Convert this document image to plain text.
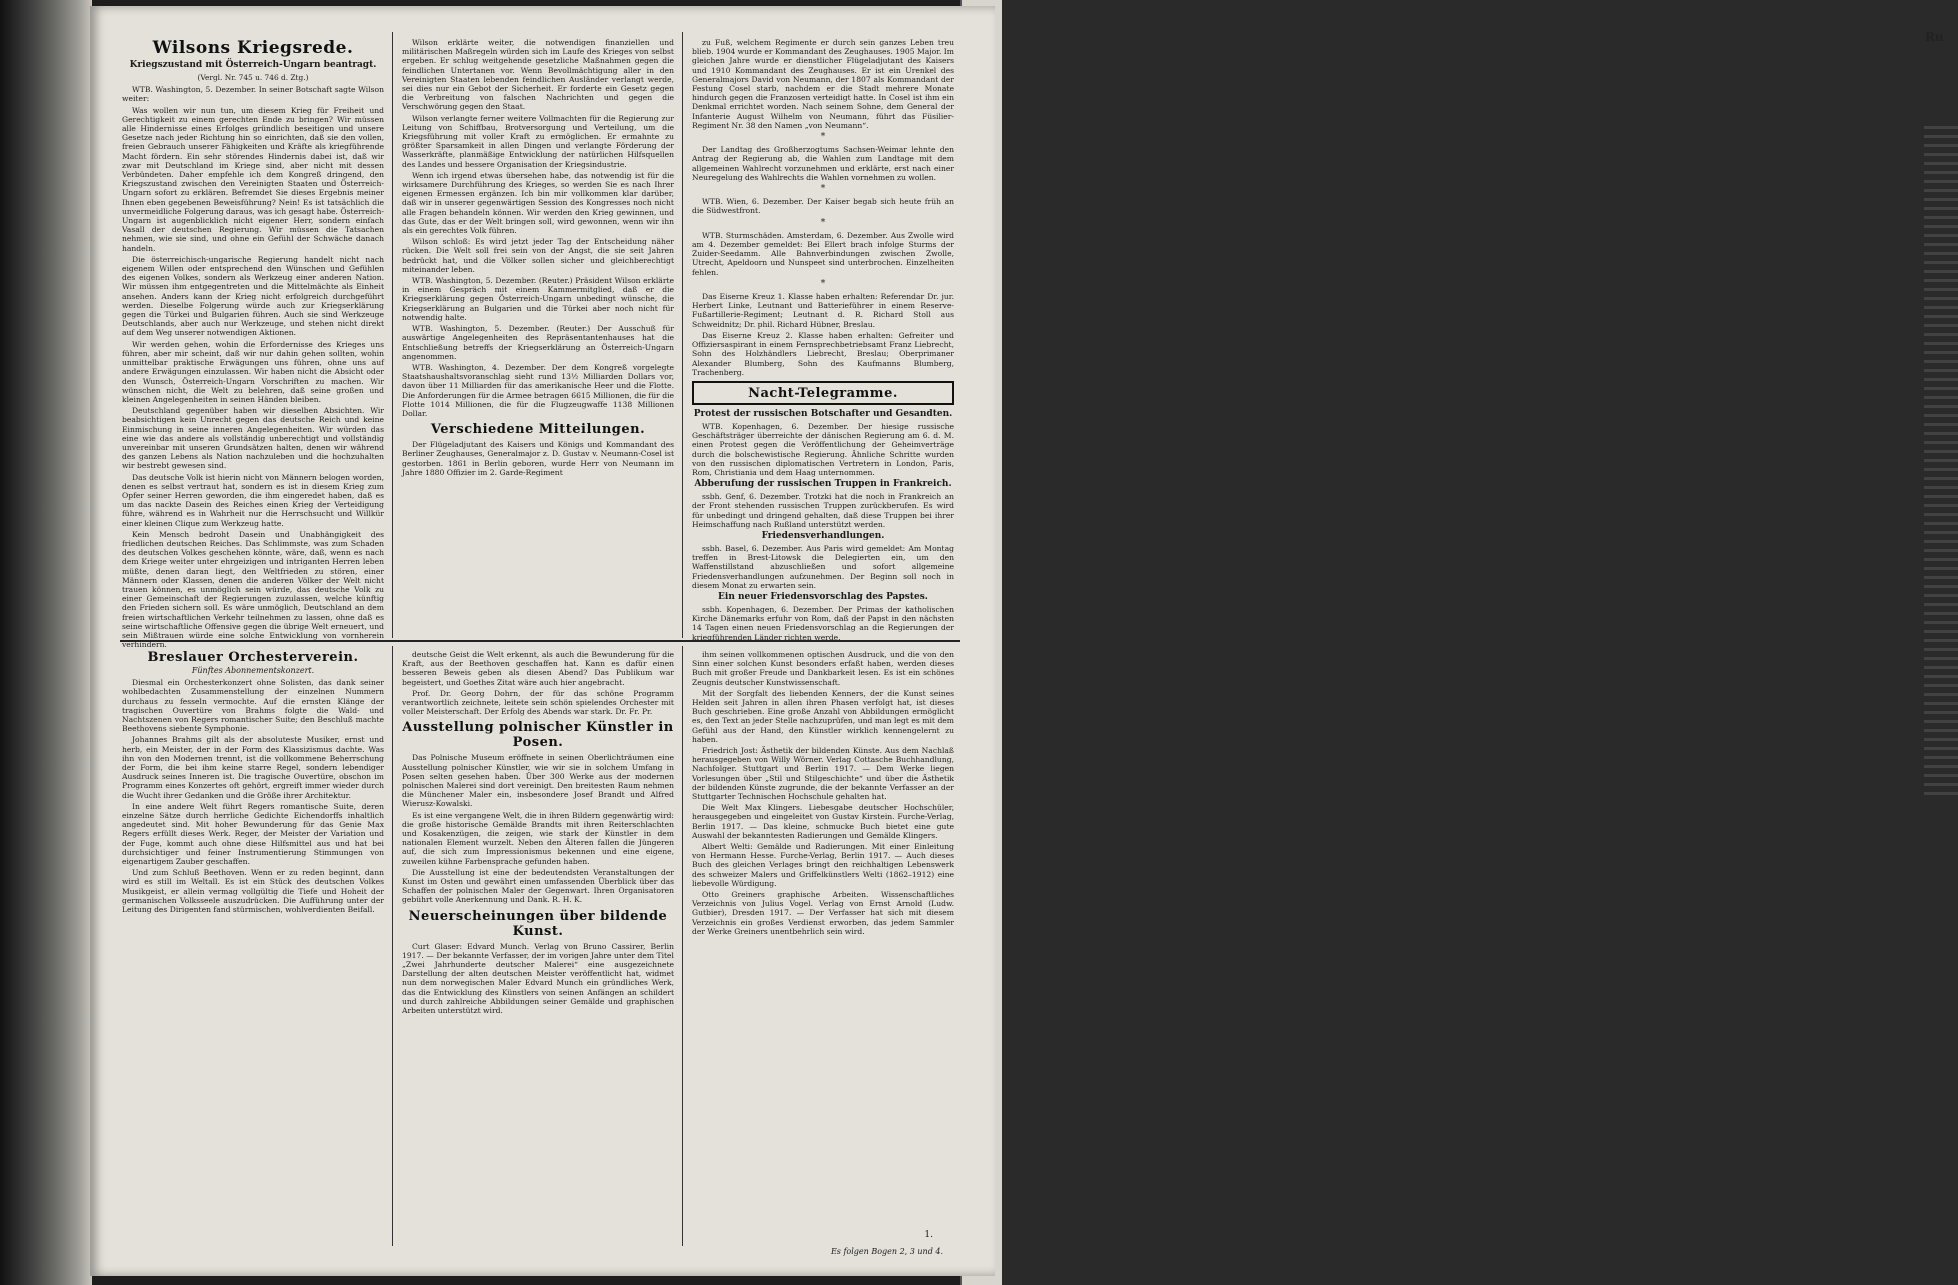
Ru
Wilsons Kriegsrede.
Kriegszustand mit Österreich-Ungarn beantragt.
(Vergl. Nr. 745 u. 746 d. Ztg.)

WTB. Washington, 5. Dezember. In seiner Botschaft sagte Wilson weiter:

Was wollen wir nun tun, um diesem Krieg für Freiheit und Gerechtigkeit zu einem gerechten Ende zu bringen? Wir müssen alle Hindernisse eines Erfolges gründlich beseitigen und unsere Gesetze nach jeder Richtung hin so einrichten, daß sie den vollen, freien Gebrauch unserer Fähigkeiten und Kräfte als kriegführende Macht fördern. Ein sehr störendes Hindernis dabei ist, daß wir zwar mit Deutschland im Kriege sind, aber nicht mit dessen Verbündeten. Daher empfehle ich dem Kongreß dringend, den Kriegszustand zwischen den Vereinigten Staaten und Österreich-Ungarn sofort zu erklären. Befremdet Sie dieses Ergebnis meiner Ihnen eben gegebenen Beweisführung? Nein! Es ist tatsächlich die unvermeidliche Folgerung daraus, was ich gesagt habe. Österreich-Ungarn ist augenblicklich nicht eigener Herr, sondern einfach Vasall der deutschen Regierung. Wir müssen die Tatsachen nehmen, wie sie sind, und ohne ein Gefühl der Schwäche danach handeln.

Die österreichisch-ungarische Regierung handelt nicht nach eigenem Willen oder entsprechend den Wünschen und Gefühlen des eigenen Volkes, sondern als Werkzeug einer anderen Nation. Wir müssen ihm entgegentreten und die Mittelmächte als Einheit ansehen. Anders kann der Krieg nicht erfolgreich durchgeführt werden. Dieselbe Folgerung würde auch zur Kriegserklärung gegen die Türkei und Bulgarien führen. Auch sie sind Werkzeuge Deutschlands, aber auch nur Werkzeuge, und stehen nicht direkt auf dem Weg unserer notwendigen Aktionen.

Wir werden gehen, wohin die Erfordernisse des Krieges uns führen, aber mir scheint, daß wir nur dahin gehen sollten, wohin unmittelbar praktische Erwägungen uns führen, ohne uns auf andere Erwägungen einzulassen. Wir haben nicht die Absicht oder den Wunsch, Österreich-Ungarn Vorschriften zu machen. Wir wünschen nicht, die Welt zu belehren, daß seine großen und kleinen Angelegenheiten in seinen Händen bleiben.

Deutschland gegenüber haben wir dieselben Absichten. Wir beabsichtigen kein Unrecht gegen das deutsche Reich und keine Einmischung in seine inneren Angelegenheiten. Wir würden das eine wie das andere als vollständig unberechtigt und vollständig unvereinbar mit unseren Grundsätzen halten, denen wir während des ganzen Lebens als Nation nachzuleben und die hochzuhalten wir bestrebt gewesen sind.

Das deutsche Volk ist hierin nicht von Männern belogen worden, denen es selbst vertraut hat, sondern es ist in diesem Krieg zum Opfer seiner Herren geworden, die ihm eingeredet haben, daß es um das nackte Dasein des Reiches einen Krieg der Verteidigung führe, während es in Wahrheit nur die Herrschsucht und Willkür einer kleinen Clique zum Werkzeug hatte.

Kein Mensch bedroht Dasein und Unabhängigkeit des friedlichen deutschen Reiches. Das Schlimmste, was zum Schaden des deutschen Volkes geschehen könnte, wäre, daß, wenn es nach dem Kriege weiter unter ehrgeizigen und intriganten Herren leben müßte, denen daran liegt, den Weltfrieden zu stören, einer Männern oder Klassen, denen die anderen Völker der Welt nicht trauen können, es unmöglich sein würde, das deutsche Volk zu einer Gemeinschaft der Regierungen zuzulassen, welche künftig den Frieden sichern soll. Es wäre unmöglich, Deutschland an dem freien wirtschaftlichen Verkehr teilnehmen zu lassen, ohne daß es seine wirtschaftliche Offensive gegen die übrige Welt erneuert, und sein Mißtrauen würde eine solche Entwicklung von vornherein verhindern.

Wilson erklärte weiter, die notwendigen finanziellen und militärischen Maßregeln würden sich im Laufe des Krieges von selbst ergeben. Er schlug weitgehende gesetzliche Maßnahmen gegen die feindlichen Untertanen vor. Wenn Bevollmächtigung aller in den Vereinigten Staaten lebenden feindlichen Ausländer verlangt werde, sei dies nur ein Gebot der Sicherheit. Er forderte ein Gesetz gegen die Verbreitung von falschen Nachrichten und gegen die Verschwörung gegen den Staat.

Wilson verlangte ferner weitere Vollmachten für die Regierung zur Leitung von Schiffbau, Brotversorgung und Verteilung, um die Kriegsführung mit voller Kraft zu ermöglichen. Er ermahnte zu größter Sparsamkeit in allen Dingen und verlangte Förderung der Wasserkräfte, planmäßige Entwicklung der natürlichen Hilfsquellen des Landes und bessere Organisation der Kriegsindustrie.

Wenn ich irgend etwas übersehen habe, das notwendig ist für die wirksamere Durchführung des Krieges, so werden Sie es nach Ihrer eigenen Ermessen ergänzen. Ich bin mir vollkommen klar darüber, daß wir in unserer gegenwärtigen Session des Kongresses noch nicht alle Fragen behandeln können. Wir werden den Krieg gewinnen, und das Gute, das er der Welt bringen soll, wird gewonnen, wenn wir ihn als ein gerechtes Volk führen.

Wilson schloß: Es wird jetzt jeder Tag der Entscheidung näher rücken. Die Welt soll frei sein von der Angst, die sie seit Jahren bedrückt hat, und die Völker sollen sicher und gleichberechtigt miteinander leben.

WTB. Washington, 5. Dezember. (Reuter.) Präsident Wilson erklärte in einem Gespräch mit einem Kammermitglied, daß er die Kriegserklärung gegen Österreich-Ungarn unbedingt wünsche, die Kriegserklärung an Bulgarien und die Türkei aber noch nicht für notwendig halte.

WTB. Washington, 5. Dezember. (Reuter.) Der Ausschuß für auswärtige Angelegenheiten des Repräsentantenhauses hat die Entschließung betreffs der Kriegserklärung an Österreich-Ungarn angenommen.

WTB. Washington, 4. Dezember. Der dem Kongreß vorgelegte Staatshaushaltsvoranschlag sieht rund 13½ Milliarden Dollars vor, davon über 11 Milliarden für das amerikanische Heer und die Flotte. Die Anforderungen für die Armee betragen 6615 Millionen, die für die Flotte 1014 Millionen, die für die Flugzeugwaffe 1138 Millionen Dollar.

Verschiedene Mitteilungen.

Der Flügeladjutant des Kaisers und Königs und Kommandant des Berliner Zeughauses, Generalmajor z. D. Gustav v. Neumann-Cosel ist gestorben. 1861 in Berlin geboren, wurde Herr von Neumann im Jahre 1880 Offizier im 2. Garde-Regiment

zu Fuß, welchem Regimente er durch sein ganzes Leben treu blieb. 1904 wurde er Kommandant des Zeughauses. 1905 Major. Im gleichen Jahre wurde er dienstlicher Flügeladjutant des Kaisers und 1910 Kommandant des Zeughauses. Er ist ein Urenkel des Generalmajors David von Neumann, der 1807 als Kommandant der Festung Cosel starb, nachdem er die Stadt mehrere Monate hindurch gegen die Franzosen verteidigt hatte. In Cosel ist ihm ein Denkmal errichtet worden. Nach seinem Sohne, dem General der Infanterie August Wilhelm von Neumann, führt das Füsilier-Regiment Nr. 38 den Namen „von Neumann“.

*

Der Landtag des Großherzogtums Sachsen-Weimar lehnte den Antrag der Regierung ab, die Wahlen zum Landtage mit dem allgemeinen Wahlrecht vorzunehmen und erklärte, erst nach einer Neuregelung des Wahlrechts die Wahlen vornehmen zu wollen.

*

WTB. Wien, 6. Dezember. Der Kaiser begab sich heute früh an die Südwestfront.

*

WTB. Sturmschäden. Amsterdam, 6. Dezember. Aus Zwolle wird am 4. Dezember gemeldet: Bei Ellert brach infolge Sturms der Zuider-Seedamm. Alle Bahnverbindungen zwischen Zwolle, Utrecht, Apeldoorn und Nunspeet sind unterbrochen. Einzelheiten fehlen.

*

Das Eiserne Kreuz 1. Klasse haben erhalten: Referendar Dr. jur. Herbert Linke, Leutnant und Batterieführer in einem Reserve-Fußartillerie-Regiment; Leutnant d. R. Richard Stoll aus Schweidnitz; Dr. phil. Richard Hübner, Breslau.

Das Eiserne Kreuz 2. Klasse haben erhalten: Gefreiter und Offiziersaspirant in einem Fernsprechbetriebsamt Franz Liebrecht, Sohn des Holzhändlers Liebrecht, Breslau; Oberprimaner Alexander Blumberg, Sohn des Kaufmanns Blumberg, Trachenberg.

Nacht-Telegramme.
Protest der russischen Botschafter und Gesandten.

WTB. Kopenhagen, 6. Dezember. Der hiesige russische Geschäftsträger überreichte der dänischen Regierung am 6. d. M. einen Protest gegen die Veröffentlichung der Geheimverträge durch die bolschewistische Regierung. Ähnliche Schritte wurden von den russischen diplomatischen Vertretern in London, Paris, Rom, Christiania und dem Haag unternommen.

Abberufung der russischen Truppen in Frankreich.

ssbh. Genf, 6. Dezember. Trotzki hat die noch in Frankreich an der Front stehenden russischen Truppen zurückberufen. Es wird für unbedingt und dringend gehalten, daß diese Truppen bei ihrer Heimschaffung nach Rußland unterstützt werden.

Friedensverhandlungen.

ssbh. Basel, 6. Dezember. Aus Paris wird gemeldet: Am Montag treffen in Brest-Litowsk die Delegierten ein, um den Waffenstillstand abzuschließen und sofort allgemeine Friedensverhandlungen aufzunehmen. Der Beginn soll noch in diesem Monat zu erwarten sein.

Ein neuer Friedensvorschlag des Papstes.

ssbh. Kopenhagen, 6. Dezember. Der Primas der katholischen Kirche Dänemarks erfuhr von Rom, daß der Papst in den nächsten 14 Tagen einen neuen Friedensvorschlag an die Regierungen der kriegführenden Länder richten werde.

Breslauer Orchesterverein.
Fünftes Abonnementskonzert.

Diesmal ein Orchesterkonzert ohne Solisten, das dank seiner wohlbedachten Zusammenstellung der einzelnen Nummern durchaus zu fesseln vermochte. Auf die ernsten Klänge der tragischen Ouvertüre von Brahms folgte die Wald- und Nachtszenen von Regers romantischer Suite; den Beschluß machte Beethovens siebente Symphonie.

Johannes Brahms gilt als der absoluteste Musiker, ernst und herb, ein Meister, der in der Form des Klassizismus dachte. Was ihn von den Modernen trennt, ist die vollkommene Beherrschung der Form, die bei ihm keine starre Regel, sondern lebendiger Ausdruck seines Inneren ist. Die tragische Ouvertüre, obschon im Programm eines Konzertes oft gehört, ergreift immer wieder durch die Wucht ihrer Gedanken und die Größe ihrer Architektur.

In eine andere Welt führt Regers romantische Suite, deren einzelne Sätze durch herrliche Gedichte Eichendorffs inhaltlich angedeutet sind. Mit hoher Bewunderung für das Genie Max Regers erfüllt dieses Werk. Reger, der Meister der Variation und der Fuge, kommt auch ohne diese Hilfsmittel aus und hat bei durchsichtiger und feiner Instrumentierung Stimmungen von eigenartigem Zauber geschaffen.

Und zum Schluß Beethoven. Wenn er zu reden beginnt, dann wird es still im Weltall. Es ist ein Stück des deutschen Volkes Musikgeist, er allein vermag vollgültig die Tiefe und Hoheit der germanischen Volksseele auszudrücken. Die Aufführung unter der Leitung des Dirigenten fand stürmischen, wohlverdienten Beifall.

deutsche Geist die Welt erkennt, als auch die Bewunderung für die Kraft, aus der Beethoven geschaffen hat. Kann es dafür einen besseren Beweis geben als diesen Abend? Das Publikum war begeistert, und Goethes Zitat wäre auch hier angebracht.

Prof. Dr. Georg Dohrn, der für das schöne Programm verantwortlich zeichnete, leitete sein schön spielendes Orchester mit voller Meisterschaft. Der Erfolg des Abends war stark. Dr. Fr. Pr.

Ausstellung polnischer Künstler in Posen.

Das Polnische Museum eröffnete in seinen Oberlichträumen eine Ausstellung polnischer Künstler, wie wir sie in solchem Umfang in Posen selten gesehen haben. Über 300 Werke aus der modernen polnischen Malerei sind dort vereinigt. Den breitesten Raum nehmen die Münchener Maler ein, insbesondere Josef Brandt und Alfred Wierusz-Kowalski.

Es ist eine vergangene Welt, die in ihren Bildern gegenwärtig wird: die große historische Gemälde Brandts mit ihren Reiterschlachten und Kosakenzügen, die zeigen, wie stark der Künstler in dem nationalen Element wurzelt. Neben den Älteren fallen die Jüngeren auf, die sich zum Impressionismus bekennen und eine eigene, zuweilen kühne Farbensprache gefunden haben.

Die Ausstellung ist eine der bedeutendsten Veranstaltungen der Kunst im Osten und gewährt einen umfassenden Überblick über das Schaffen der polnischen Maler der Gegenwart. Ihren Organisatoren gebührt volle Anerkennung und Dank. R. H. K.

Neuerscheinungen über bildende Kunst.

Curt Glaser: Edvard Munch. Verlag von Bruno Cassirer, Berlin 1917. — Der bekannte Verfasser, der im vorigen Jahre unter dem Titel „Zwei Jahrhunderte deutscher Malerei“ eine ausgezeichnete Darstellung der alten deutschen Meister veröffentlicht hat, widmet nun dem norwegischen Maler Edvard Munch ein gründliches Werk, das die Entwicklung des Künstlers von seinen Anfängen an schildert und durch zahlreiche Abbildungen seiner Gemälde und graphischen Arbeiten unterstützt wird.

ihm seinen vollkommenen optischen Ausdruck, und die von den Sinn einer solchen Kunst besonders erfaßt haben, werden dieses Buch mit großer Freude und Dankbarkeit lesen. Es ist ein schönes Zeugnis deutscher Kunstwissenschaft.

Mit der Sorgfalt des liebenden Kenners, der die Kunst seines Helden seit Jahren in allen ihren Phasen verfolgt hat, ist dieses Buch geschrieben. Eine große Anzahl von Abbildungen ermöglicht es, den Text an jeder Stelle nachzuprüfen, und man legt es mit dem Gefühl aus der Hand, den Künstler wirklich kennengelernt zu haben.

Friedrich Jost: Ästhetik der bildenden Künste. Aus dem Nachlaß herausgegeben von Willy Wörner. Verlag Cottasche Buchhandlung, Nachfolger. Stuttgart und Berlin 1917. — Dem Werke liegen Vorlesungen über „Stil und Stilgeschichte“ und über die Ästhetik der bildenden Künste zugrunde, die der bekannte Verfasser an der Stuttgarter Technischen Hochschule gehalten hat.

Die Welt Max Klingers. Liebesgabe deutscher Hochschüler, herausgegeben und eingeleitet von Gustav Kirstein. Furche-Verlag, Berlin 1917. — Das kleine, schmucke Buch bietet eine gute Auswahl der bekanntesten Radierungen und Gemälde Klingers.

Albert Welti: Gemälde und Radierungen. Mit einer Einleitung von Hermann Hesse. Furche-Verlag, Berlin 1917. — Auch dieses Buch des gleichen Verlages bringt den reichhaltigen Lebenswerk des schweizer Malers und Griffelkünstlers Welti (1862–1912) eine liebevolle Würdigung.

Otto Greiners graphische Arbeiten. Wissenschaftliches Verzeichnis von Julius Vogel. Verlag von Ernst Arnold (Ludw. Gutbier), Dresden 1917. — Der Verfasser hat sich mit diesem Verzeichnis ein großes Verdienst erworben, das jedem Sammler der Werke Greiners unentbehrlich sein wird.

1.
Es folgen Bogen 2, 3 und 4.
